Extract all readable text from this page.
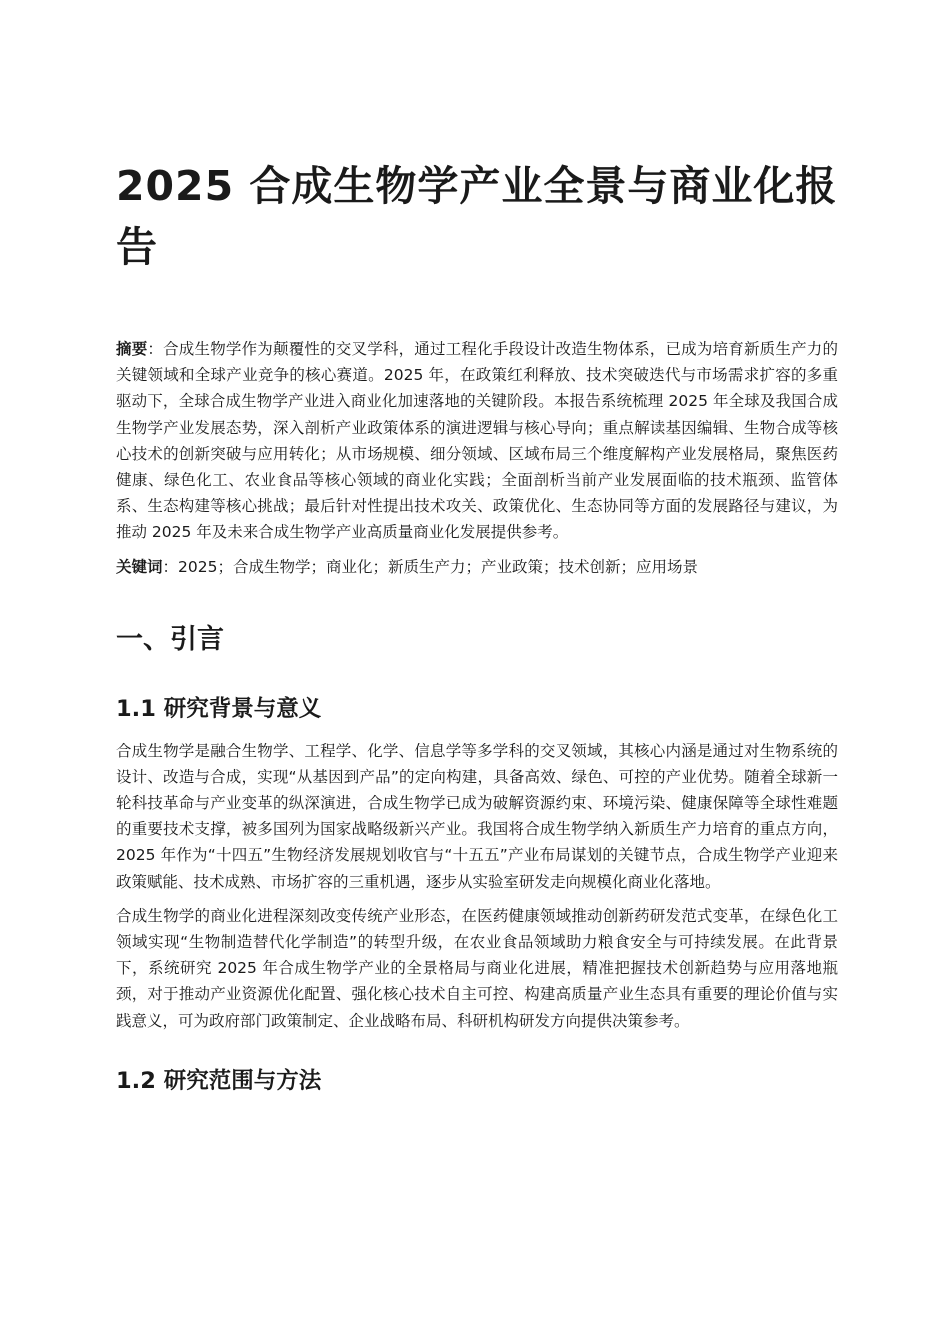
2025 合成生物学产业全景与商业化报告

摘要：合成生物学作为颠覆性的交叉学科，通过工程化手段设计改造生物体系，已成为培育新质生产力的关键领域和全球产业竞争的核心赛道。2025 年，在政策红利释放、技术突破迭代与市场需求扩容的多重驱动下，全球合成生物学产业进入商业化加速落地的关键阶段。本报告系统梳理 2025 年全球及我国合成生物学产业发展态势，深入剖析产业政策体系的演进逻辑与核心导向；重点解读基因编辑、生物合成等核心技术的创新突破与应用转化；从市场规模、细分领域、区域布局三个维度解构产业发展格局，聚焦医药健康、绿色化工、农业食品等核心领域的商业化实践；全面剖析当前产业发展面临的技术瓶颈、监管体系、生态构建等核心挑战；最后针对性提出技术攻关、政策优化、生态协同等方面的发展路径与建议，为推动 2025 年及未来合成生物学产业高质量商业化发展提供参考。

关键词：2025；合成生物学；商业化；新质生产力；产业政策；技术创新；应用场景

一、引言
1.1 研究背景与意义

合成生物学是融合生物学、工程学、化学、信息学等多学科的交叉领域，其核心内涵是通过对生物系统的设计、改造与合成，实现“从基因到产品”的定向构建，具备高效、绿色、可控的产业优势。随着全球新一轮科技革命与产业变革的纵深演进，合成生物学已成为破解资源约束、环境污染、健康保障等全球性难题的重要技术支撑，被多国列为国家战略级新兴产业。我国将合成生物学纳入新质生产力培育的重点方向，2025 年作为“十四五”生物经济发展规划收官与“十五五”产业布局谋划的关键节点，合成生物学产业迎来政策赋能、技术成熟、市场扩容的三重机遇，逐步从实验室研发走向规模化商业化落地。

合成生物学的商业化进程深刻改变传统产业形态，在医药健康领域推动创新药研发范式变革，在绿色化工领域实现“生物制造替代化学制造”的转型升级，在农业食品领域助力粮食安全与可持续发展。在此背景下，系统研究 2025 年合成生物学产业的全景格局与商业化进展，精准把握技术创新趋势与应用落地瓶颈，对于推动产业资源优化配置、强化核心技术自主可控、构建高质量产业生态具有重要的理论价值与实践意义，可为政府部门政策制定、企业战略布局、科研机构研发方向提供决策参考。

1.2 研究范围与方法
